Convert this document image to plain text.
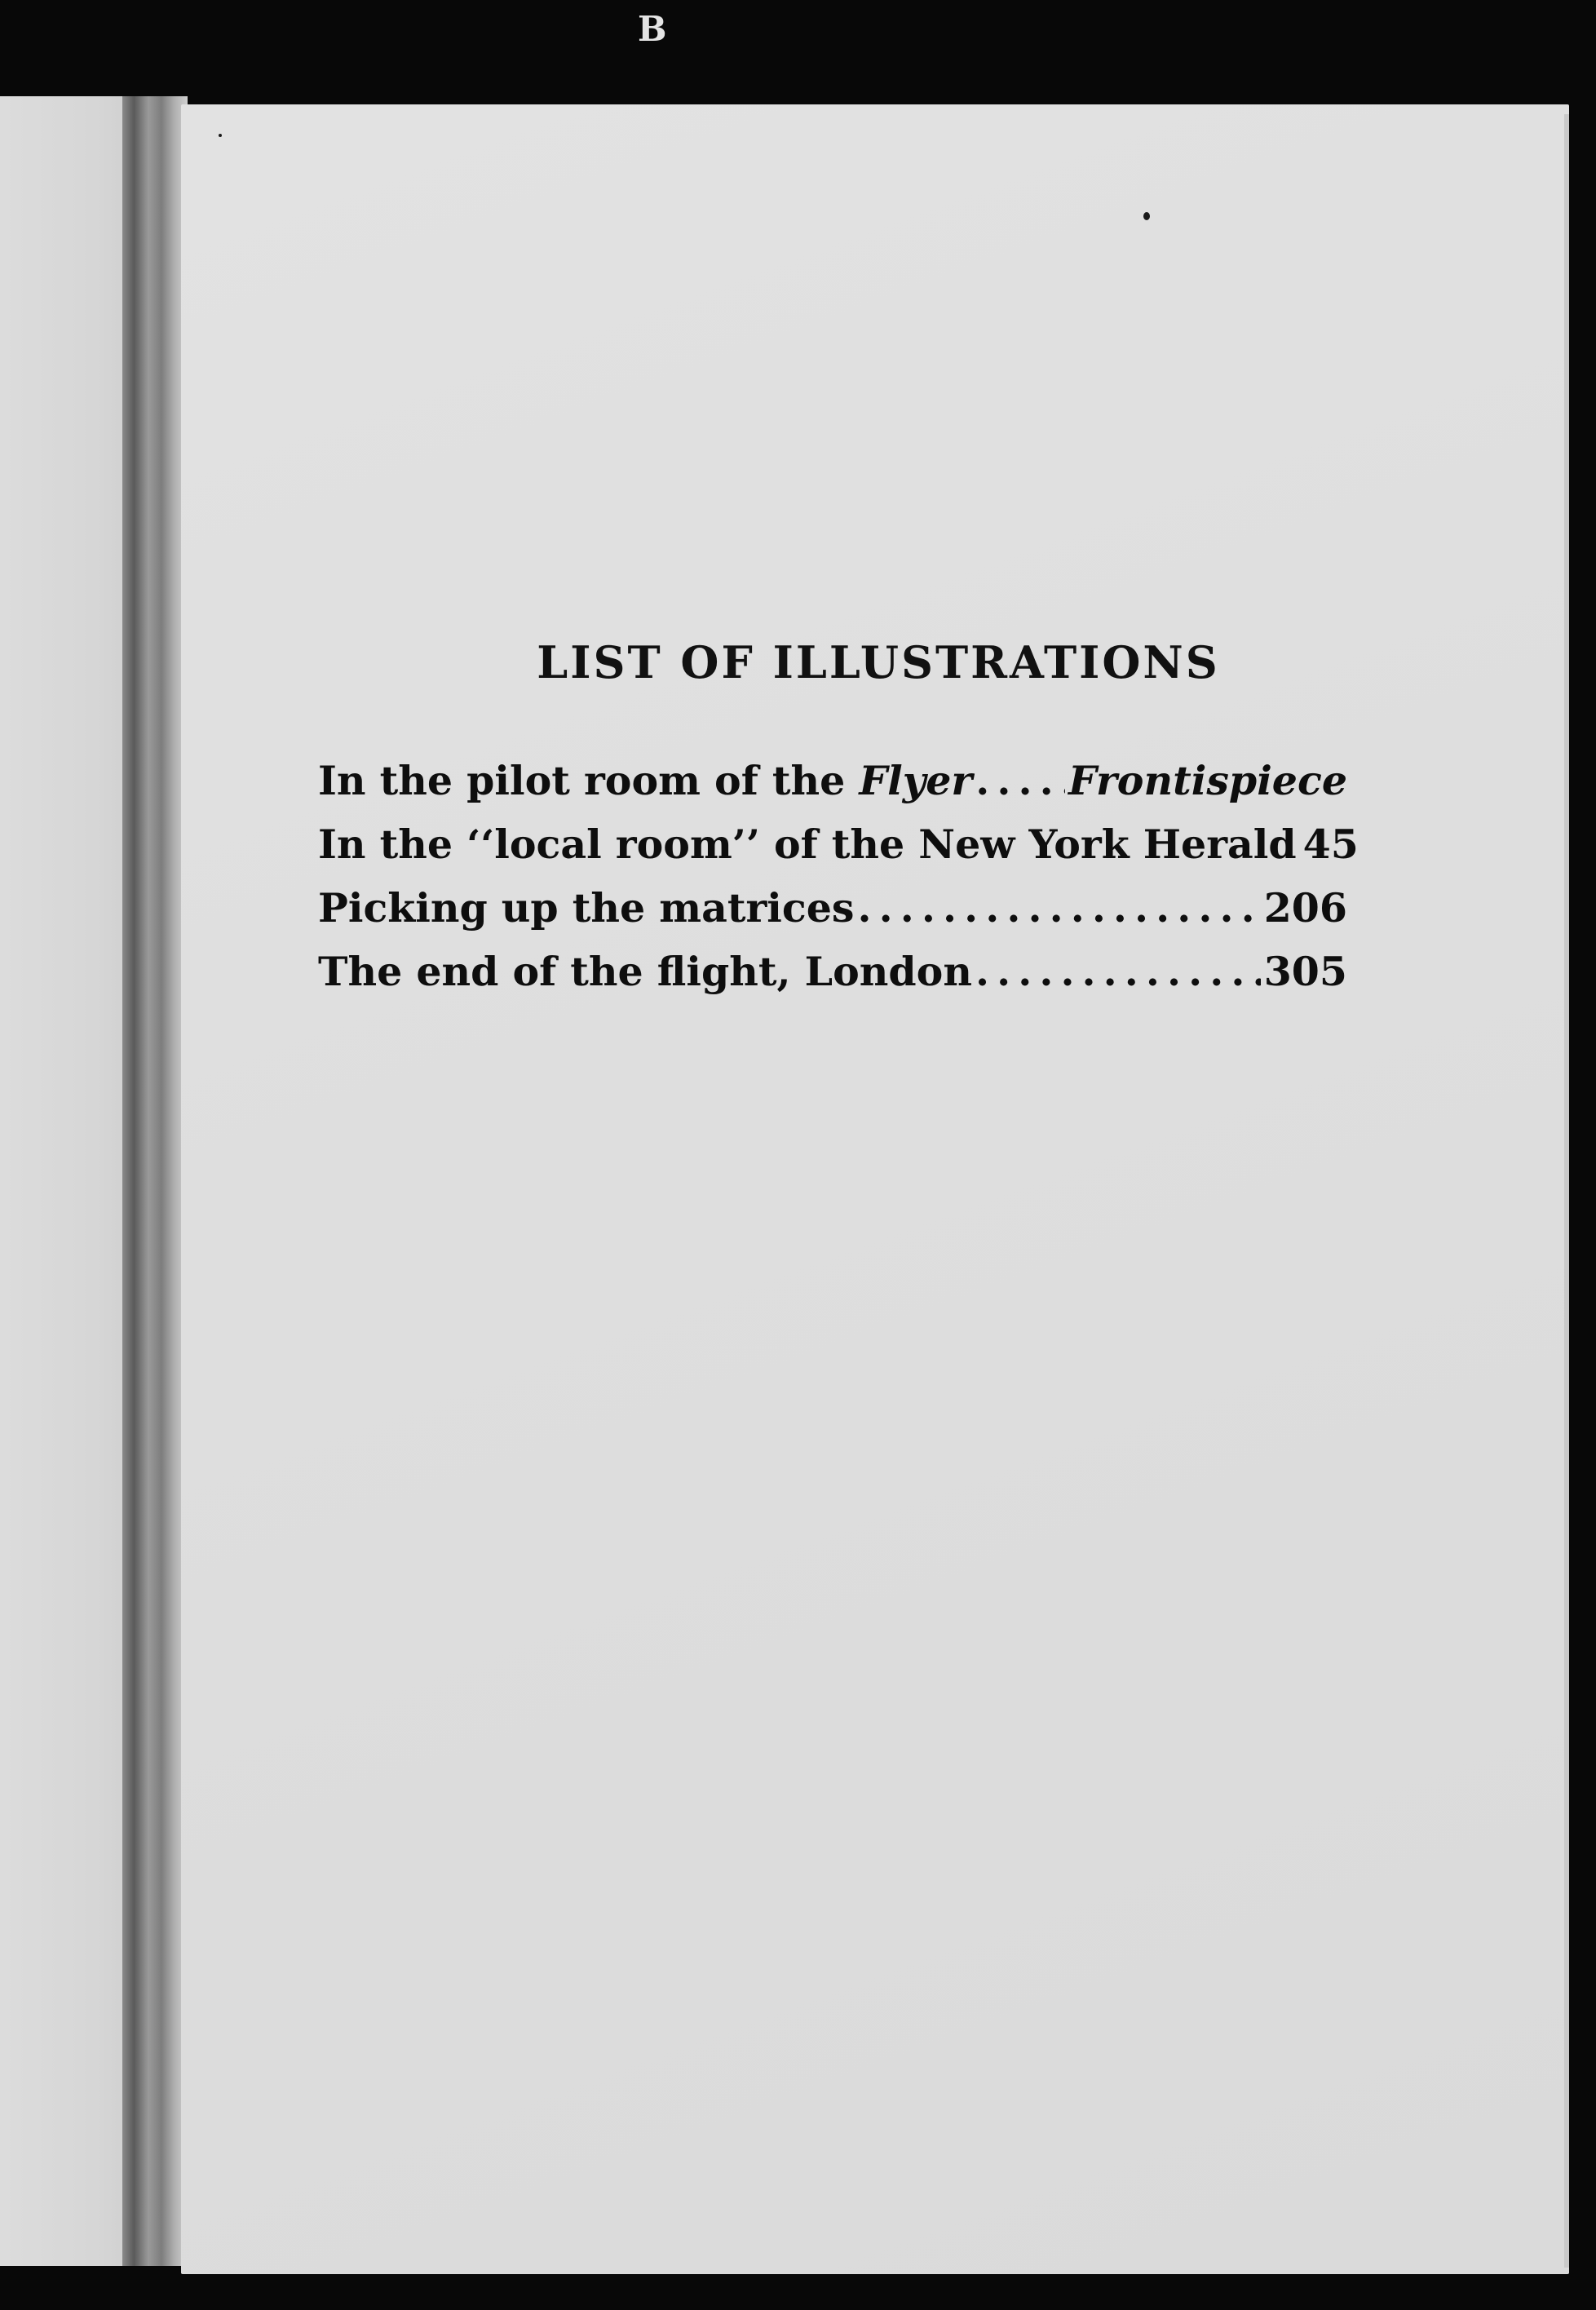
B
LIST OF ILLUSTRATIONS
In the pilot room of the Flyer . . . Frontispiece
In the ‘‘local room’’ of the New York Herald 45
Picking up the matrices . . .	206
The end of the flight, London . . .	305
